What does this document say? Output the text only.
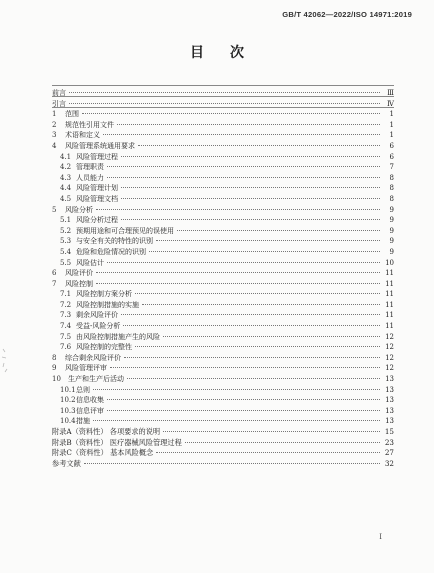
GB/T 42062—2022/ISO 14971:2019
目次
前言	Ⅲ
引言	Ⅳ
1	范围	1
2	规范性引用文件	1
3	术语和定义	1
4	风险管理系统通用要求	6
4.1 风险管理过程	6
4.2 管理职责	7
4.3 人员能力	8
4.4 风险管理计划	8
4.5 风险管理文档	8
5	风险分析	9
5.1 风险分析过程	9
5.2 预期用途和可合理预见的误使用	9
5.3 与安全有关的特性的识别	9
5.4 危险和危险情况的识别	9
5.5 风险估计	10
6	风险评价	11
7	风险控制	11
7.1 风险控制方案分析	11
7.2 风险控制措施的实施	11
7.3 剩余风险评价	11
7.4 受益-风险分析	11
7.5 由风险控制措施产生的风险	12
7.6 风险控制的完整性	12
8	综合剩余风险评价	12
9	风险管理评审	12
10	生产和生产后活动	13
10.1 总则	13
10.2 信息收集	13
10.3 信息评审	13
10.4 措施	13
附录A（资料性） 各项要求的说明	15
附录B（资料性） 医疗器械风险管理过程	23
附录C（资料性） 基本风险概念	27
参考文献	32
I
